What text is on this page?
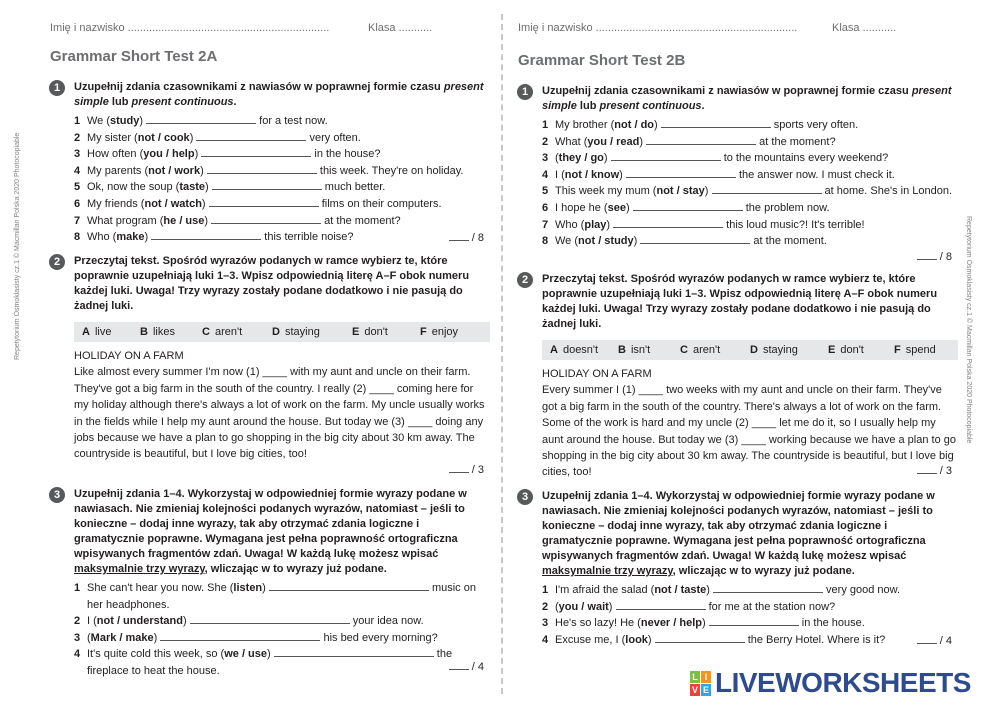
Repetytorium Ósmoklasisty cz.1 © Macmillan Polska 2020 Photocopiable	Repetytorium Ósmoklasisty cz.1 © Macmillan Polska 2020 Photocopiable
Imię i nazwisko ..................................................................	Klasa ...........
Grammar Short Test 2A
1	Uzupełnij zdania czasownikami z nawiasów w poprawnej formie czasu present simple lub present continuous.
1 We (study)	for a test now.
2 My sister (not / cook)	very often.
3 How often (you / help)	in the house?
4 My parents (not / work)	this week. They're on holiday.
5 Ok, now the soup (taste)	much better.
6 My friends (not / watch)	films on their computers.
7 What program (he / use)	at the moment?
8 Who (make)	this terrible noise?	/ 8
2	Przeczytaj tekst. Spośród wyrazów podanych w ramce wybierz te, które poprawnie uzupełniają luki 1–3. Wpisz odpowiednią literę A–F obok numeru każdej luki. Uwaga! Trzy wyrazy zostały podane dodatkowo i nie pasują do żadnej luki.
A live	B likes	C aren't	D staying	E don't	F enjoy
HOLIDAY ON A FARM
Like almost every summer I'm now (1) ____ with my aunt and uncle on their farm. They've got a big farm in the south of the country. I really (2) ____ coming here for my holiday although there's always a lot of work on the farm. My uncle usually works in the fields while I help my aunt around the house. But today we (3) ____ doing any jobs because we have a plan to go shopping in the big city about 30 km away. The countryside is beautiful, but I love big cities, too!
/ 3
3	Uzupełnij zdania 1–4. Wykorzystaj w odpowiedniej formie wyrazy podane w nawiasach. Nie zmieniaj kolejności podanych wyrazów, natomiast – jeśli to konieczne – dodaj inne wyrazy, tak aby otrzymać zdania logiczne i gramatycznie poprawne. Wymagana jest pełna poprawność ortograficzna wpisywanych fragmentów zdań. Uwaga! W każdą lukę możesz wpisać maksymalnie trzy wyrazy, wliczając w to wyrazy już podane.
1 She can't hear you now. She (listen)	music on her headphones.
2 I (not / understand)	your idea now.
3 (Mark / make)	his bed every morning?
4 It's quite cold this week, so (we / use)	the fireplace to heat the house.	/ 4
Imię i nazwisko ..................................................................	Klasa ...........
Grammar Short Test 2B
1	Uzupełnij zdania czasownikami z nawiasów w poprawnej formie czasu present simple lub present continuous.
1 My brother (not / do)	sports very often.
2 What (you / read)	at the moment?
3 (they / go)	to the mountains every weekend?
4 I (not / know)	the answer now. I must check it.
5 This week my mum (not / stay)	at home. She's in London.
6 I hope he (see)	the problem now.
7 Who (play)	this loud music?! It's terrible!
8 We (not / study)	at the moment.
/ 8
2	Przeczytaj tekst. Spośród wyrazów podanych w ramce wybierz te, które poprawnie uzupełniają luki 1–3. Wpisz odpowiednią literę A–F obok numeru każdej luki. Uwaga! Trzy wyrazy zostały podane dodatkowo i nie pasują do żadnej luki.
A doesn't	B isn't	C aren't	D staying	E don't	F spend
HOLIDAY ON A FARM
Every summer I (1) ____ two weeks with my aunt and uncle on their farm. They've got a big farm in the south of the country. There's always a lot of work on the farm. Some of the work is hard and my uncle (2) ____ let me do it, so I usually help my aunt around the house. But today we (3) ____ working because we have a plan to go shopping in the big city about 30 km away. The countryside is beautiful, but I love big cities, too!	/ 3
3	Uzupełnij zdania 1–4. Wykorzystaj w odpowiedniej formie wyrazy podane w nawiasach. Nie zmieniaj kolejności podanych wyrazów, natomiast – jeśli to konieczne – dodaj inne wyrazy, tak aby otrzymać zdania logiczne i gramatycznie poprawne. Wymagana jest pełna poprawność ortograficzna wpisywanych fragmentów zdań. Uwaga! W każdą lukę możesz wpisać maksymalnie trzy wyrazy, wliczając w to wyrazy już podane.
1 I'm afraid the salad (not / taste)	very good now.
2 (you / wait)	for me at the station now?
3 He's so lazy! He (never / help)	in the house.
4 Excuse me, I (look)	the Berry Hotel. Where is it?	/ 4
L I
V E LIVEWORKSHEETS
